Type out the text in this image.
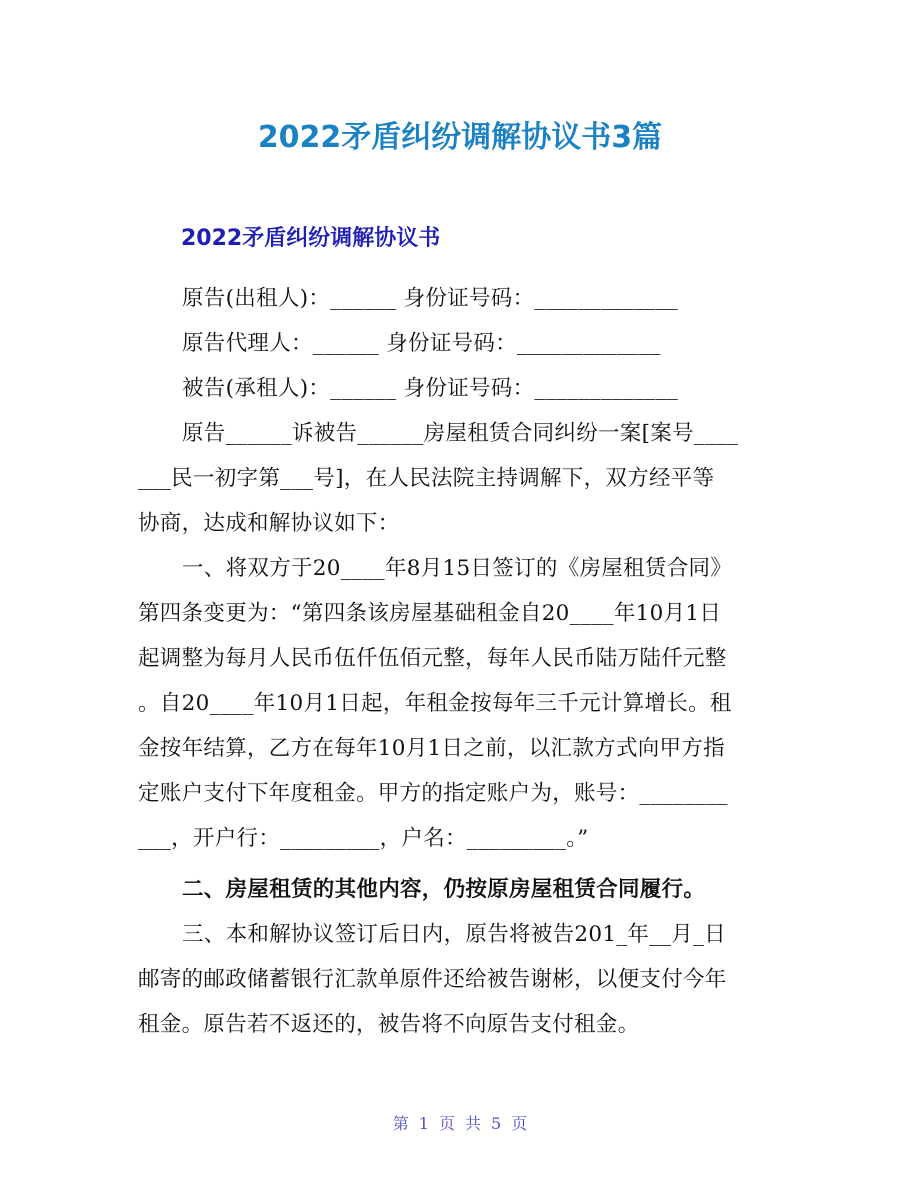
2022矛盾纠纷调解协议书3篇
2022矛盾纠纷调解协议书
原告(出租人)：______ 身份证号码：_____________
原告代理人：______ 身份证号码：_____________
被告(承租人)：______ 身份证号码：_____________
原告______诉被告______房屋租赁合同纠纷一案[案号____
___民一初字第___号]，在人民法院主持调解下，双方经平等
协商，达成和解协议如下：
一、将双方于20____年8月15日签订的《房屋租赁合同》
第四条变更为：“第四条该房屋基础租金自20____年10月1日
起调整为每月人民币伍仟伍佰元整，每年人民币陆万陆仟元整
。自20____年10月1日起，年租金按每年三千元计算增长。租
金按年结算，乙方在每年10月1日之前，以汇款方式向甲方指
定账户支付下年度租金。甲方的指定账户为，账号：________
___，开户行：_________，户名：_________。”
二、房屋租赁的其他内容，仍按原房屋租赁合同履行。
三、本和解协议签订后日内，原告将被告201_年__月_日
邮寄的邮政储蓄银行汇款单原件还给被告谢彬，以便支付今年
租金。原告若不返还的，被告将不向原告支付租金。
第 1 页 共 5 页
